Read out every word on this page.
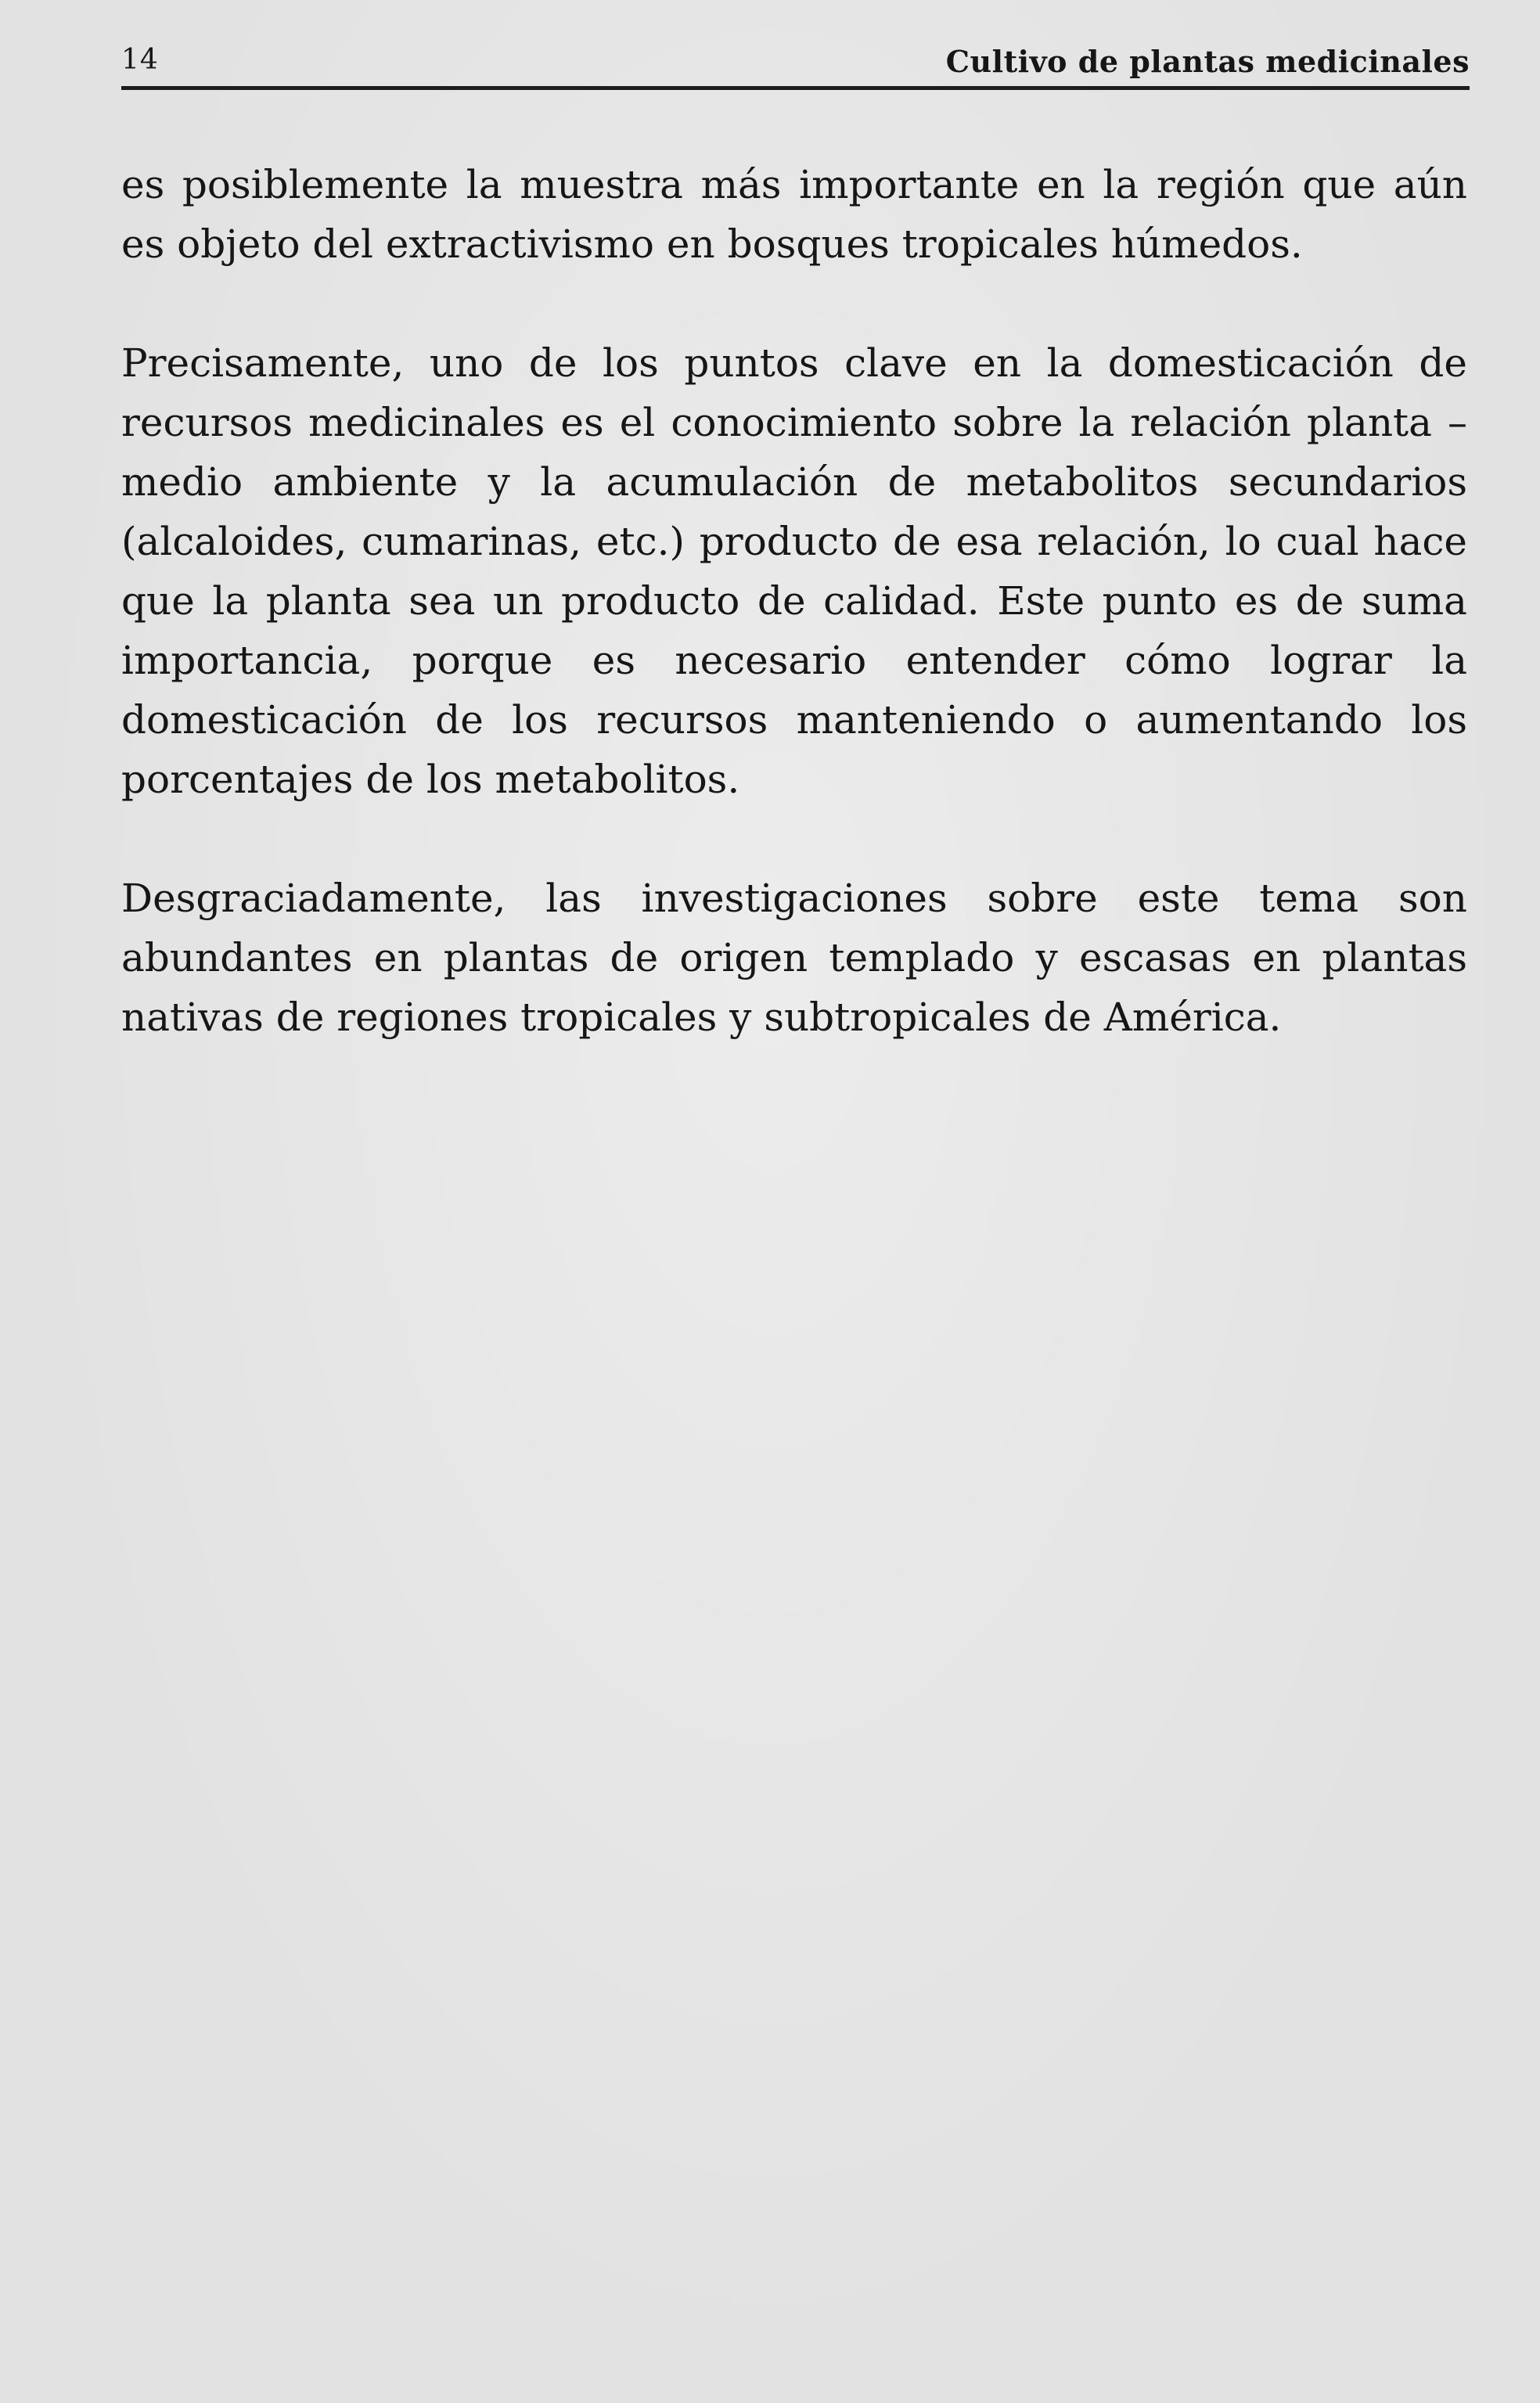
14	Cultivo de plantas medicinales

es posiblemente la muestra más importante en la región que aún es objeto del extractivismo en bosques tropicales húmedos.

Precisamente, uno de los puntos clave en la domesticación de recursos medicinales es el conocimiento sobre la relación planta – medio ambiente y la acumulación de metabolitos secundarios (alcaloides, cumarinas, etc.) producto de esa relación, lo cual hace que la planta sea un producto de calidad. Este punto es de suma importancia, porque es necesario entender cómo lograr la domesticación de los recursos manteniendo o aumentando los porcentajes de los metabolitos.

Desgraciadamente, las investigaciones sobre este tema son abundantes en plantas de origen templado y escasas en plantas nativas de regiones tropicales y subtropicales de América.
